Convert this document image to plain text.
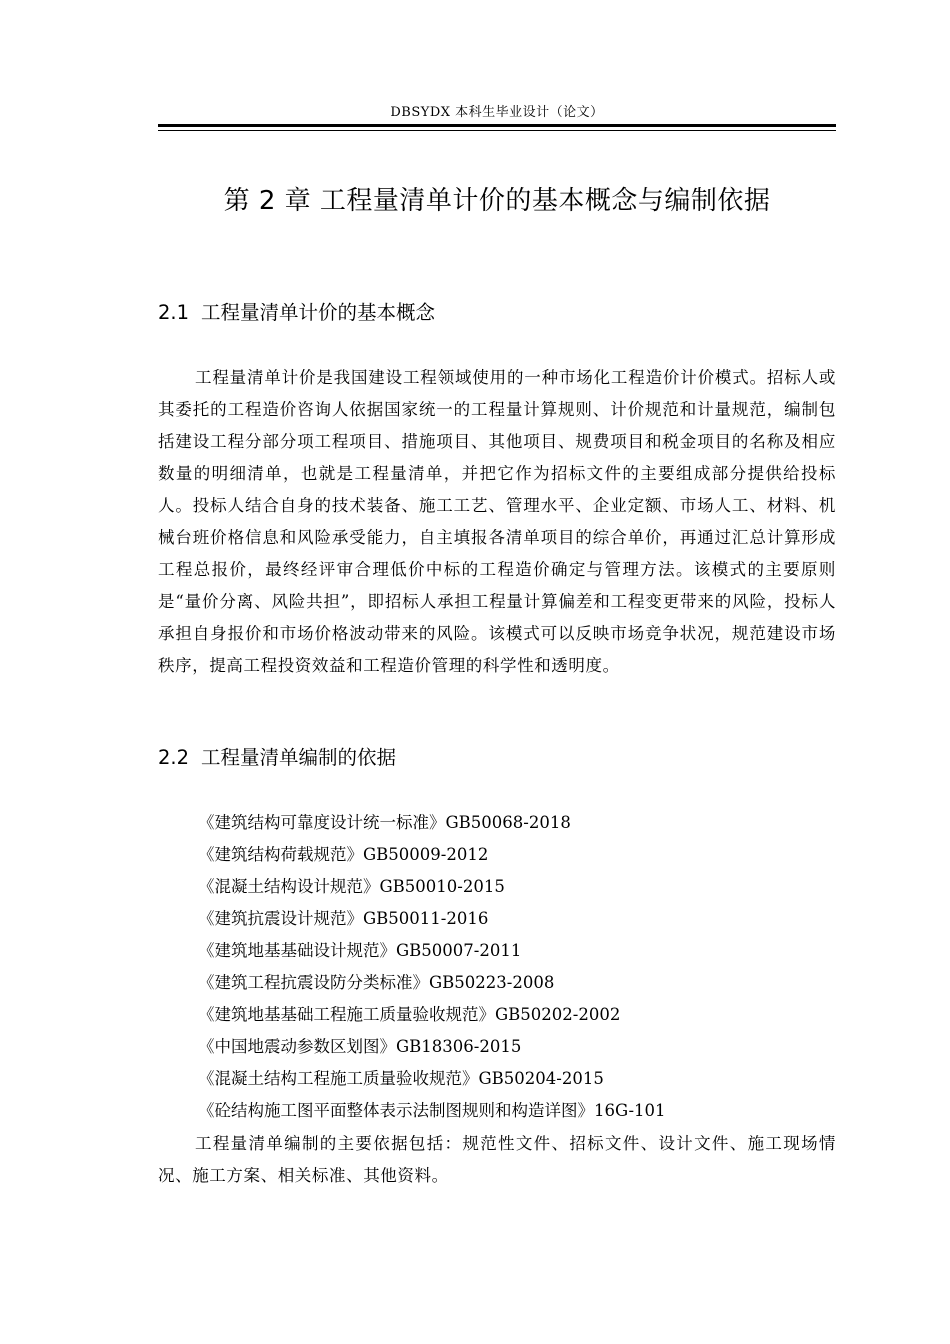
DBSYDX 本科生毕业设计（论文）
第 2 章 工程量清单计价的基本概念与编制依据
2.1 工程量清单计价的基本概念

工程量清单计价是我国建设工程领域使用的一种市场化工程造价计价模式。招标人或其委托的工程造价咨询人依据国家统一的工程量计算规则、计价规范和计量规范，编制包括建设工程分部分项工程项目、措施项目、其他项目、规费项目和税金项目的名称及相应数量的明细清单，也就是工程量清单，并把它作为招标文件的主要组成部分提供给投标人。投标人结合自身的技术装备、施工工艺、管理水平、企业定额、市场人工、材料、机械台班价格信息和风险承受能力，自主填报各清单项目的综合单价，再通过汇总计算形成工程总报价，最终经评审合理低价中标的工程造价确定与管理方法。该模式的主要原则是“量价分离、风险共担”，即招标人承担工程量计算偏差和工程变更带来的风险，投标人承担自身报价和市场价格波动带来的风险。该模式可以反映市场竞争状况，规范建设市场秩序，提高工程投资效益和工程造价管理的科学性和透明度。

2.2 工程量清单编制的依据
《建筑结构可靠度设计统一标准》GB50068-2018
《建筑结构荷载规范》GB50009-2012
《混凝土结构设计规范》GB50010-2015
《建筑抗震设计规范》GB50011-2016
《建筑地基基础设计规范》GB50007-2011
《建筑工程抗震设防分类标准》GB50223-2008
《建筑地基基础工程施工质量验收规范》GB50202-2002
《中国地震动参数区划图》GB18306-2015
《混凝土结构工程施工质量验收规范》GB50204-2015
《砼结构施工图平面整体表示法制图规则和构造详图》16G-101

工程量清单编制的主要依据包括：规范性文件、招标文件、设计文件、施工现场情况、施工方案、相关标准、其他资料。
